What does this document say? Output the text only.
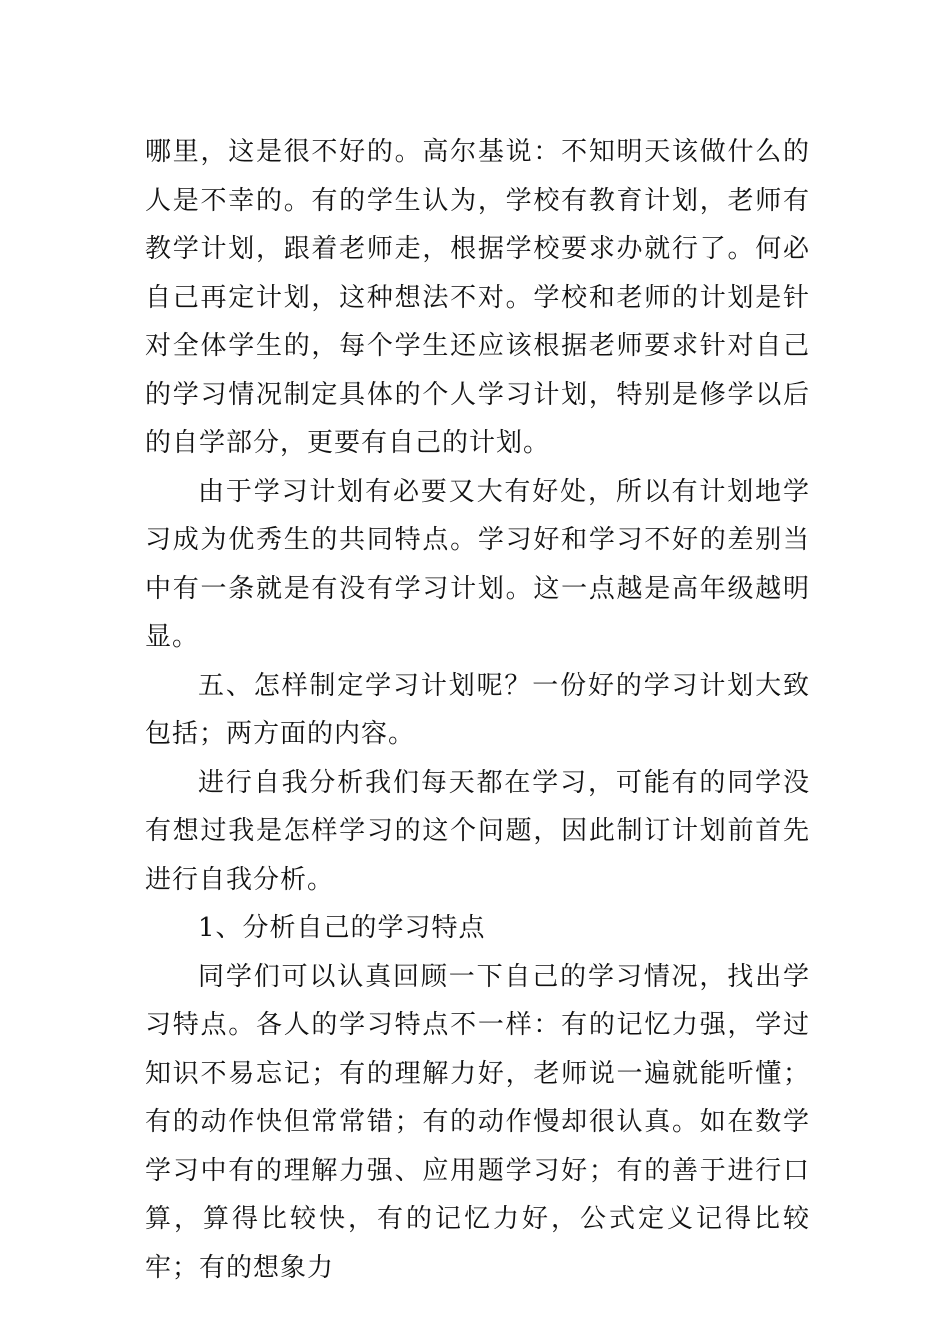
哪里，这是很不好的。高尔基说：不知明天该做什么的人是不幸的。有的学生认为，学校有教育计划，老师有教学计划，跟着老师走，根据学校要求办就行了。何必自己再定计划，这种想法不对。学校和老师的计划是针对全体学生的，每个学生还应该根据老师要求针对自己的学习情况制定具体的个人学习计划，特别是修学以后的自学部分，更要有自己的计划。

由于学习计划有必要又大有好处，所以有计划地学习成为优秀生的共同特点。学习好和学习不好的差别当中有一条就是有没有学习计划。这一点越是高年级越明显。

五、怎样制定学习计划呢？一份好的学习计划大致包括；两方面的内容。

进行自我分析我们每天都在学习，可能有的同学没有想过我是怎样学习的这个问题，因此制订计划前首先进行自我分析。

1、分析自己的学习特点

同学们可以认真回顾一下自己的学习情况，找出学习特点。各人的学习特点不一样：有的记忆力强，学过知识不易忘记；有的理解力好，老师说一遍就能听懂；有的动作快但常常错；有的动作慢却很认真。如在数学学习中有的理解力强、应用题学习好；有的善于进行口算，算得比较快，有的记忆力好，公式定义记得比较牢；有的想象力
